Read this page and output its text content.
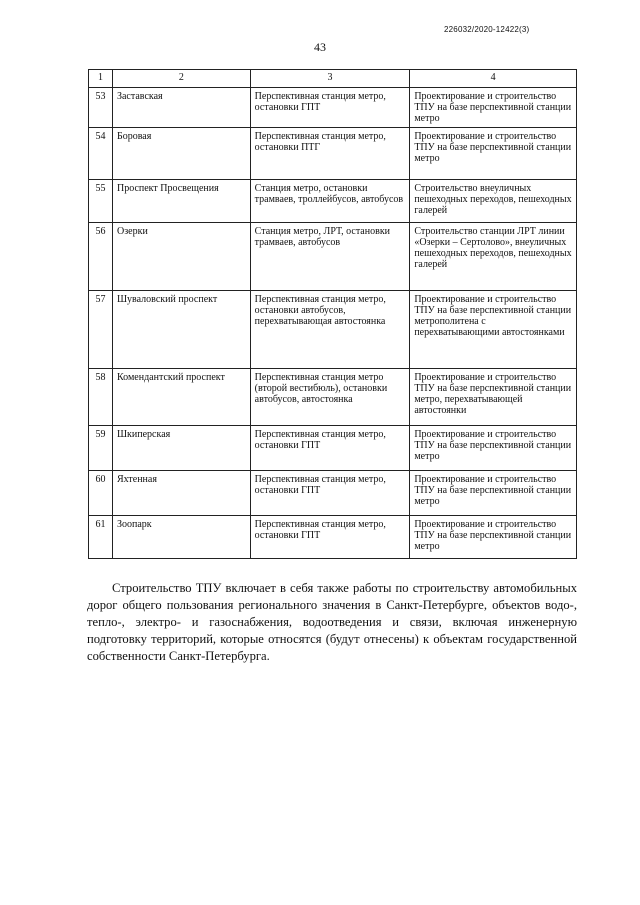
226032/2020-12422(3)
43
1	2	3	4
53	Заставская	Перспективная станция метро, остановки ГПТ	Проектирование и строительство ТПУ на базе перспективной станции метро
54	Боровая	Перспективная станция метро, остановки ПТГ	Проектирование и строительство ТПУ на базе перспективной станции метро
55	Проспект Просвещения	Станция метро, остановки трамваев, троллейбусов, автобусов	Строительство внеуличных пешеходных переходов, пешеходных галерей
56	Озерки	Станция метро, ЛРТ, остановки трамваев, автобусов	Строительство станции ЛРТ линии «Озерки – Сертолово», внеуличных пешеходных переходов, пешеходных галерей
57	Шуваловский проспект	Перспективная станция метро, остановки автобусов, перехватывающая автостоянка	Проектирование и строительство ТПУ на базе перспективной станции метрополитена с перехватывающими автостоянками
58	Комендантский проспект	Перспективная станция метро (второй вестибюль), остановки автобусов, автостоянка	Проектирование и строительство ТПУ на базе перспективной станции метро, перехватывающей автостоянки
59	Шкиперская	Перспективная станция метро, остановки ГПТ	Проектирование и строительство ТПУ на базе перспективной станции метро
60	Яхтенная	Перспективная станция метро, остановки ГПТ	Проектирование и строительство ТПУ на базе перспективной станции метро
61	Зоопарк	Перспективная станция метро, остановки ГПТ	Проектирование и строительство ТПУ на базе перспективной станции метро

Строительство ТПУ включает в себя также работы по строительству автомобильных дорог общего пользования регионального значения в Санкт-Петербурге, объектов водо-, тепло-, электро- и газоснабжения, водоотведения и связи, включая инженерную подготовку территорий, которые относятся (будут отнесены) к объектам государственной собственности Санкт-Петербурга.
